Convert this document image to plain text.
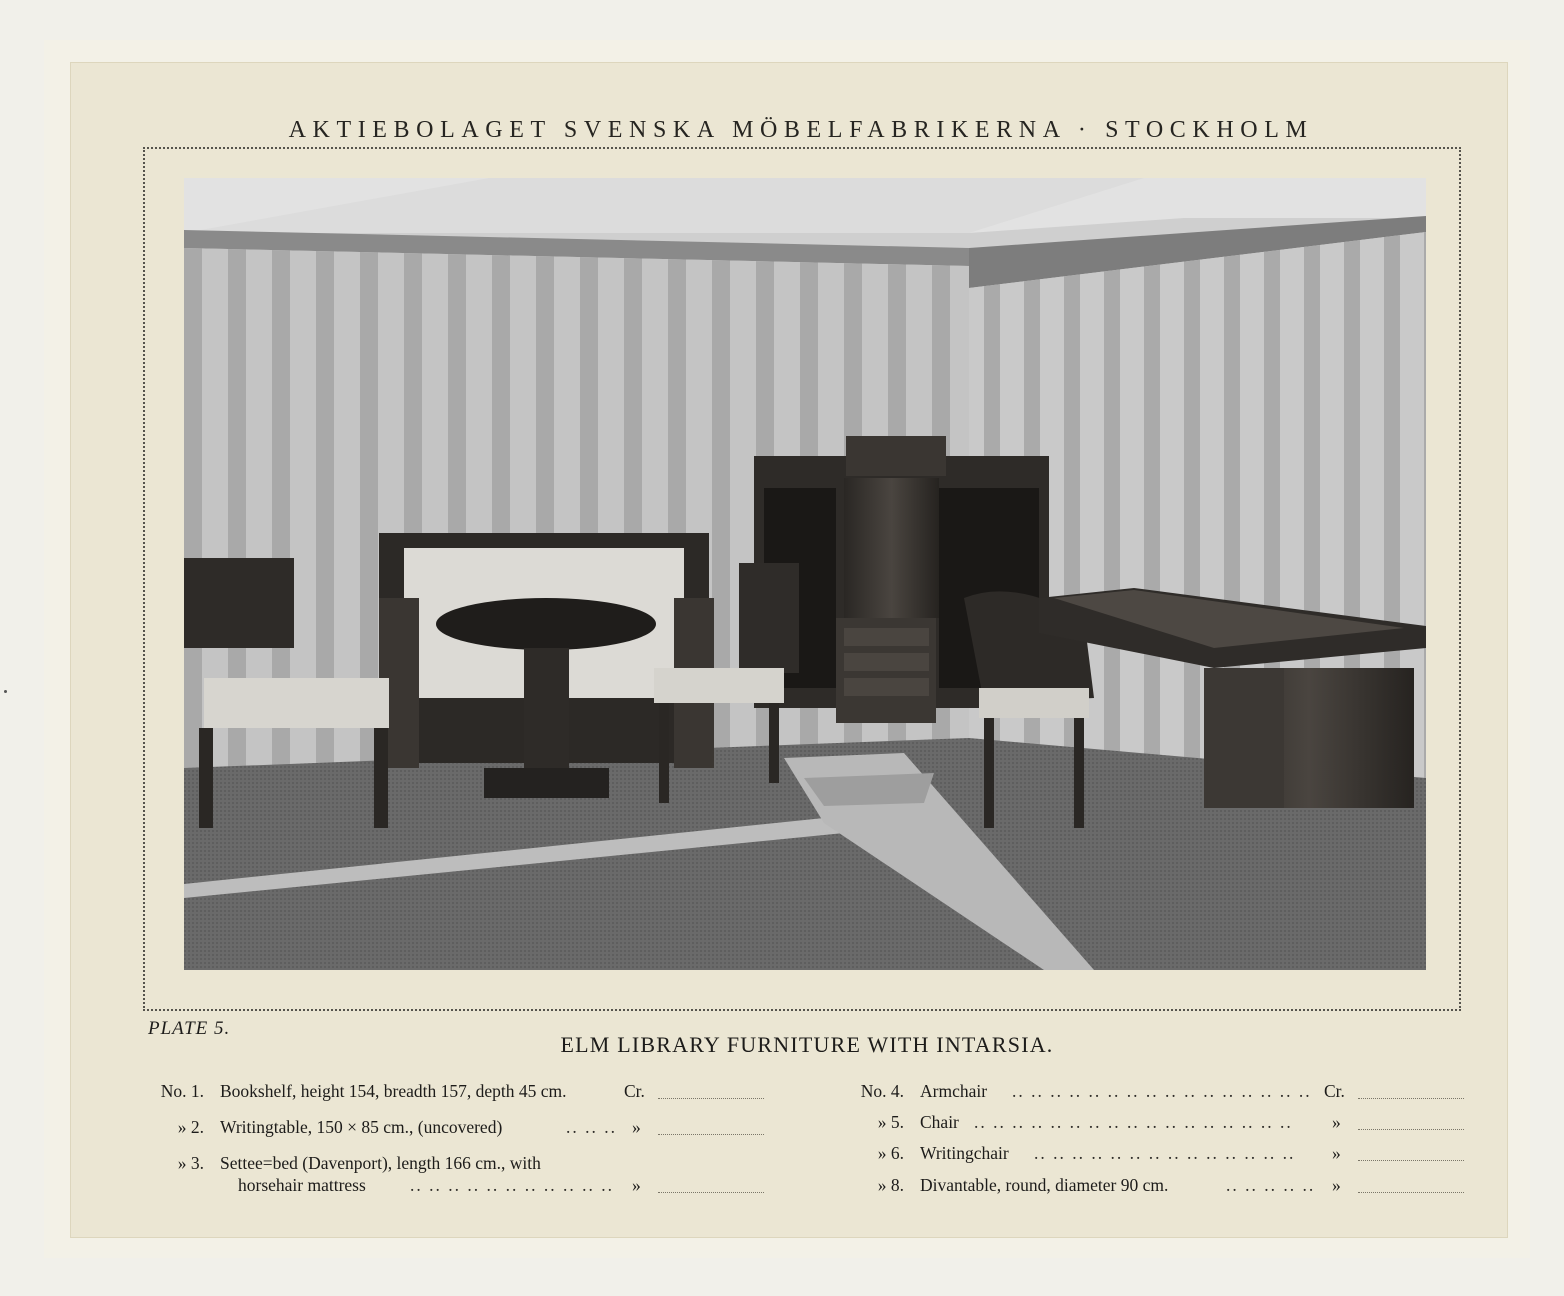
AKTIEBOLAGET SVENSKA MÖBELFABRIKERNA · STOCKHOLM
PLATE 5.
ELM LIBRARY FURNITURE WITH INTARSIA.
No. 1. Bookshelf, height 154, breadth 157, depth 45 cm.	Cr.
» 2. Writingtable, 150 × 85 cm., (uncovered)	.. .. .. »
» 3. Settee=bed (Davenport), length 166 cm., with
horsehair mattress	.. .. .. .. .. .. .. .. .. .. .. »
No. 4. Armchair .. .. .. .. .. .. .. .. .. .. .. .. .. .. .. .. Cr.
» 5. Chair .. .. .. .. .. .. .. .. .. .. .. .. .. .. .. .. .. »
» 6. Writingchair .. .. .. .. .. .. .. .. .. .. .. .. .. .. »
» 8. Divantable, round, diameter 90 cm.	.. .. .. .. .. »
